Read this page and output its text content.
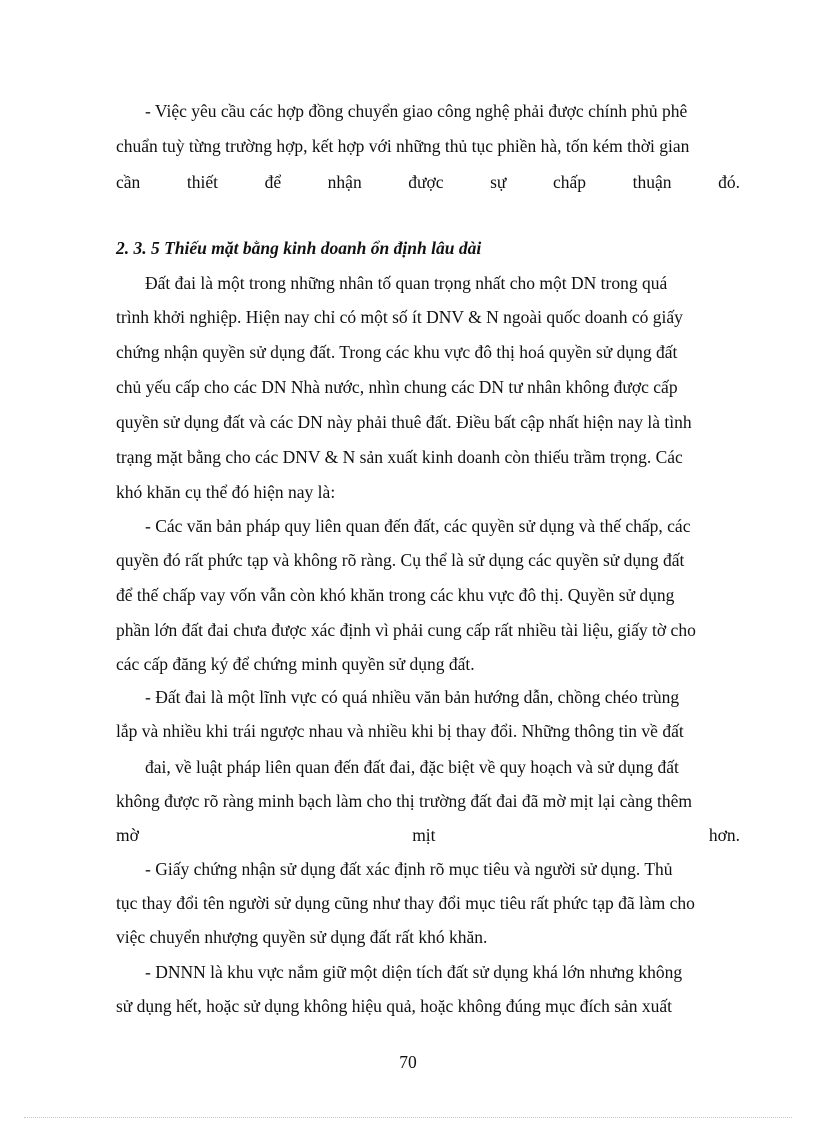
- Việc yêu cầu các hợp đồng chuyển giao công nghệ phải được chính phủ phê
chuẩn tuỳ từng trường hợp, kết hợp với những thủ tục phiền hà, tốn kém thời gian
cần	thiết	để	nhận	được	sự	chấp	thuận	đó.
2. 3. 5 Thiếu mặt bằng kinh doanh ổn định lâu dài
Đất đai là một trong những nhân tố quan trọng nhất cho một DN trong quá
trình khởi nghiệp. Hiện nay chỉ có một số ít DNV & N ngoài quốc doanh có giấy
chứng nhận quyền sử dụng đất. Trong các khu vực đô thị hoá quyền sử dụng đất
chủ yếu cấp cho các DN Nhà nước, nhìn chung các DN tư nhân không được cấp
quyền sử dụng đất và các DN này phải thuê đất. Điều bất cập nhất hiện nay là tình
trạng mặt bằng cho các DNV & N sản xuất kinh doanh còn thiếu trầm trọng. Các
khó khăn cụ thể đó hiện nay là:
- Các văn bản pháp quy liên quan đến đất, các quyền sử dụng và thế chấp, các
quyền đó rất phức tạp và không rõ ràng. Cụ thể là sử dụng các quyền sử dụng đất
để thế chấp vay vốn vẫn còn khó khăn trong các khu vực đô thị. Quyền sử dụng
phần lớn đất đai chưa được xác định vì phải cung cấp rất nhiều tài liệu, giấy tờ cho
các cấp đăng ký để chứng minh quyền sử dụng đất.
- Đất đai là một lĩnh vực có quá nhiều văn bản hướng dẫn, chồng chéo trùng
lắp và nhiều khi trái ngược nhau và nhiều khi bị thay đổi. Những thông tin về đất
đai, về luật pháp liên quan đến đất đai, đặc biệt về quy hoạch và sử dụng đất
không được rõ ràng minh bạch làm cho thị trường đất đai đã mờ mịt lại càng thêm
mờ	mịt	hơn.
- Giấy chứng nhận sử dụng đất xác định rõ mục tiêu và người sử dụng. Thủ
tục thay đổi tên người sử dụng cũng như thay đổi mục tiêu rất phức tạp đã làm cho
việc chuyển nhượng quyền sử dụng đất rất khó khăn.
- DNNN là khu vực nắm giữ một diện tích đất sử dụng khá lớn nhưng không
sử dụng hết, hoặc sử dụng không hiệu quả, hoặc không đúng mục đích sản xuất
70
